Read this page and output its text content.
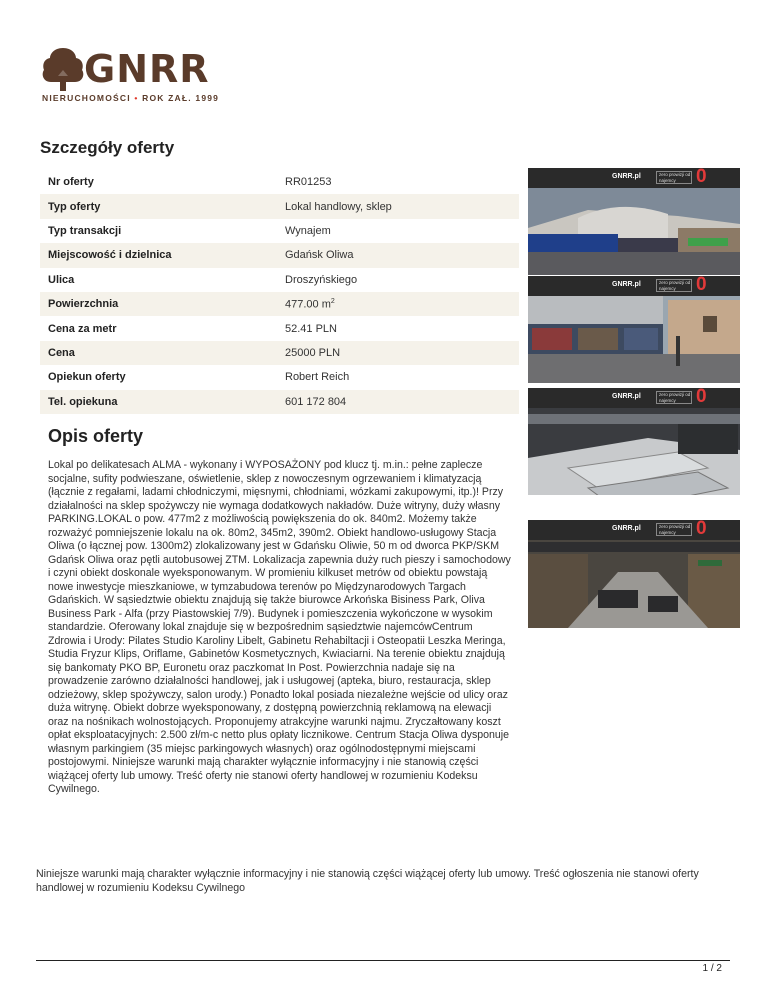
GNRR
NIERUCHOMOŚCI • ROK ZAŁ. 1999
Szczegóły oferty
Nr oferty	RR01253
Typ oferty	Lokal handlowy, sklep
Typ transakcji	Wynajem
Miejscowość i dzielnica	Gdańsk Oliwa
Ulica	Droszyńskiego
Powierzchnia	477.00 $m^2$
Cena za metr	52.41 PLN
Cena	25000 PLN
Opiekun oferty	Robert Reich
Tel. opiekuna	601 172 804
Opis oferty
Lokal po delikatesach ALMA - wykonany i WYPOSAŻONY pod klucz tj. m.in.: pełne zaplecze socjalne, sufity podwieszane, oświetlenie, sklep z nowoczesnym ogrzewaniem i klimatyzacją (łącznie z regałami, ladami chłodniczymi, mięsnymi, chłodniami, wózkami zakupowymi, itp.)! Przy działalności na sklep spożywczy nie wymaga dodatkowych nakładów. Duże witryny, duży własny PARKING.LOKAL o pow. 477m2 z możliwością powiększenia do ok. 840m2. Możemy także rozważyć pomniejszenie lokalu na ok. 80m2, 345m2, 390m2. Obiekt handlowo-usługowy Stacja Oliwa (o łącznej pow. 1300m2) zlokalizowany jest w Gdańsku Oliwie, 50 m od dworca PKP/SKM Gdańsk Oliwa oraz pętli autobusowej ZTM. Lokalizacja zapewnia duży ruch pieszy i samochodowy i czyni obiekt doskonale wyeksponowanym. W promieniu kilkuset metrów od obiektu powstają nowe inwestycje mieszkaniowe, w tymzabudowa terenów po Międzynarodowych Targach Gdańskich. W sąsiedztwie obiektu znajdują się także biurowce Arkońska Bisiness Park, Oliva Business Park - Alfa (przy Piastowskiej 7/9). Budynek i pomieszczenia wykończone w wysokim standardzie. Oferowany lokal znajduje się w bezpośrednim sąsiedztwie najemcówCentrum Zdrowia i Urody: Pilates Studio Karoliny Libelt, Gabinetu Rehabiltacji i Osteopatii Leszka Meringa, Studia Fryzur Klips, Oriflame, Gabinetów Kosmetycznych, Kwiaciarni. Na terenie obiektu znajdują się bankomaty PKO BP, Euronetu oraz paczkomat In Post. Powierzchnia nadaje się na prowadzenie zarówno działalności handlowej, jak i usługowej (apteka, biuro, restauracja, sklep odzieżowy, sklep spożywczy, salon urody.) Ponadto lokal posiada niezależne wejście od ulicy oraz duża witrynę. Obiekt dobrze wyeksponowany, z dostępną powierzchnią reklamową na elewacji oraz na nośnikach wolnostojących. Proponujemy atrakcyjne warunki najmu. Zryczałtowany koszt opłat eksploatacyjnych: 2.500 zł/m-c netto plus opłaty licznikowe. Centrum Stacja Oliwa dysponuje własnym parkingiem (35 miejsc parkingowych własnych) oraz ogólnodostępnymi miejscami postojowymi. Niniejsze warunki mają charakter wyłącznie informacyjny i nie stanowią części wiążącej oferty lub umowy. Treść oferty nie stanowi oferty handlowej w rozumieniu Kodeksu Cywilnego.
GNRR.pl	zero prowizji od najemcy	0
GNRR.pl	zero prowizji od najemcy	0
GNRR.pl	zero prowizji od najemcy	0
GNRR.pl	zero prowizji od najemcy	0
Niniejsze warunki mają charakter wyłącznie informacyjny i nie stanowią części wiążącej oferty lub umowy. Treść ogłoszenia nie stanowi oferty handlowej w rozumieniu Kodeksu Cywilnego
1 / 2
